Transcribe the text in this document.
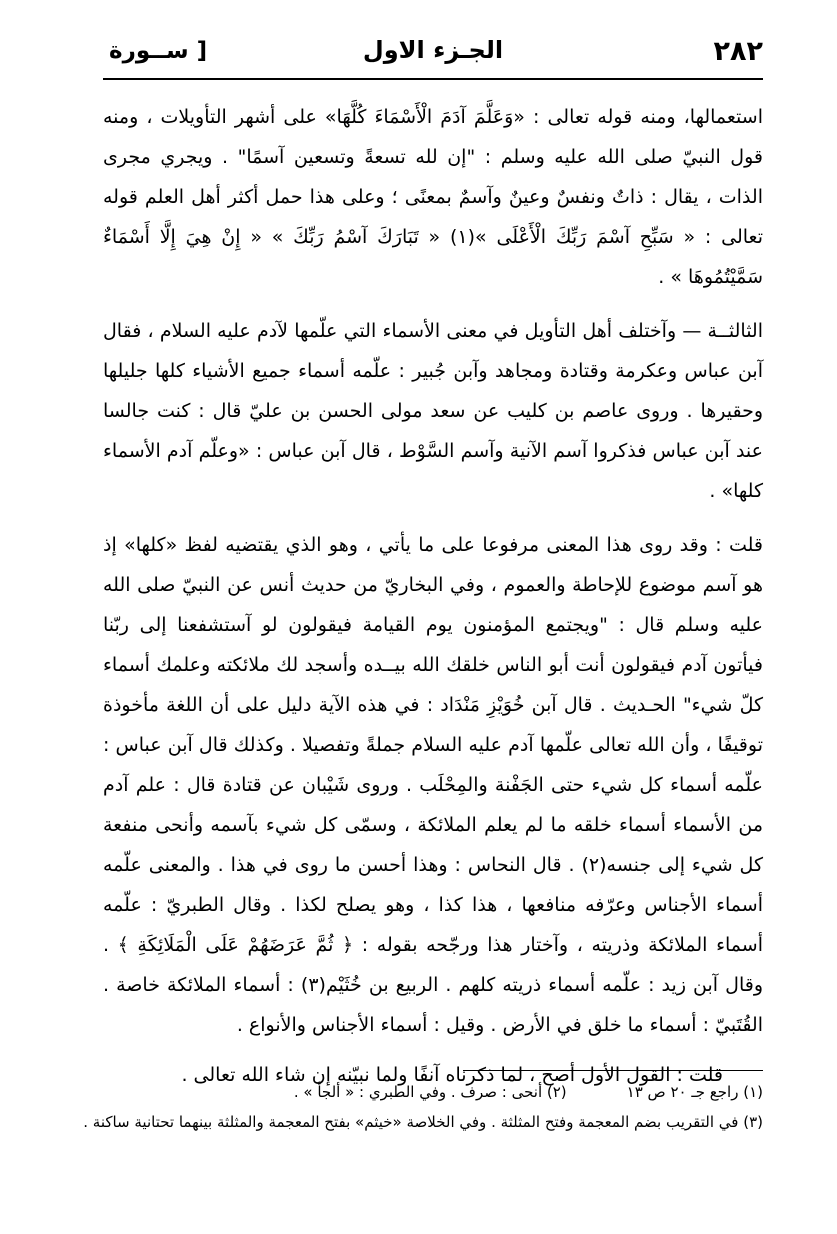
٢٨٢
الجـزء الاول
[ ســورة

استعمالها، ومنه قوله تعالى : «وَعَلَّمَ آدَمَ الْأَسْمَاءَ كُلَّهَا» على أشهر التأويلات ، ومنه قول النبيّ صلى الله عليه وسلم : "إن لله تسعةً وتسعين آسمًا" . ويجري مجرى الذات ، يقال : ذاتٌ ونفسٌ وعينٌ وآسمٌ بمعنًى ؛ وعلى هذا حمل أكثر أهل العلم قوله تعالى : « سَبِّحِ آسْمَ رَبِّكَ الْأَعْلَى »(١) « تَبَارَكَ آسْمُ رَبِّكَ » « إِنْ هِيَ إِلَّا أَسْمَاءٌ سَمَّيْتُمُوهَا » .

الثالثــة — وآختلف أهل التأويل في معنى الأسماء التي علّمها لآدم عليه السلام ، فقال آبن عباس وعكرمة وقتادة ومجاهد وآبن جُبير : علّمه أسماء جميع الأشياء كلها جليلها وحقيرها . وروى عاصم بن كليب عن سعد مولى الحسن بن عليّ قال : كنت جالسا عند آبن عباس فذكروا آسم الآنية وآسم السَّوْط ، قال آبن عباس : «وعلّم آدم الأسماء كلها» .

قلت : وقد روى هذا المعنى مرفوعا على ما يأتي ، وهو الذي يقتضيه لفظ «كلها» إذ هو آسم موضوع للإحاطة والعموم ، وفي البخاريّ من حديث أنس عن النبيّ صلى الله عليه وسلم قال : "ويجتمع المؤمنون يوم القيامة فيقولون لو آستشفعنا إلى ربّنا فيأتون آدم فيقولون أنت أبو الناس خلقك الله بيــده وأسجد لك ملائكته وعلمك أسماء كلّ شيء" الحـديث . قال آبن خُوَيْزِ مَنْدَاد : في هذه الآية دليل على أن اللغة مأخوذة توقيفًا ، وأن الله تعالى علّمها آدم عليه السلام جملةً وتفصيلا . وكذلك قال آبن عباس : علّمه أسماء كل شيء حتى الجَفْنة والمِحْلَب . وروى شَيْبان عن قتادة قال : علم آدم من الأسماء أسماء خلقه ما لم يعلم الملائكة ، وسمّى كل شيء بآسمه وأنحى منفعة كل شيء إلى جنسه(٢) . قال النحاس : وهذا أحسن ما روى في هذا . والمعنى علّمه أسماء الأجناس وعرّفه منافعها ، هذا كذا ، وهو يصلح لكذا . وقال الطبريّ : علّمه أسماء الملائكة وذريته ، وآختار هذا ورجّحه بقوله : ﴿ ثُمَّ عَرَضَهُمْ عَلَى الْمَلَائِكَةِ ﴾ . وقال آبن زيد : علّمه أسماء ذريته كلهم . الربيع بن خُثَيْم(٣) : أسماء الملائكة خاصة . القُتَبيّ : أسماء ما خلق في الأرض . وقيل : أسماء الأجناس والأنواع .

قلت : القول الأول أصح ، لما ذكرناه آنفًا ولما نبيّنه إن شاء الله تعالى .

(١) راجع جـ ٢٠ ص ١٣
(٢) أنحى : صرف . وفي الطبري : « ألجأ » .
(٣) في التقريب بضم المعجمة وفتح المثلثة . وفي الخلاصة «خيثم» بفتح المعجمة والمثلثة بينهما تحتانية ساكنة .
